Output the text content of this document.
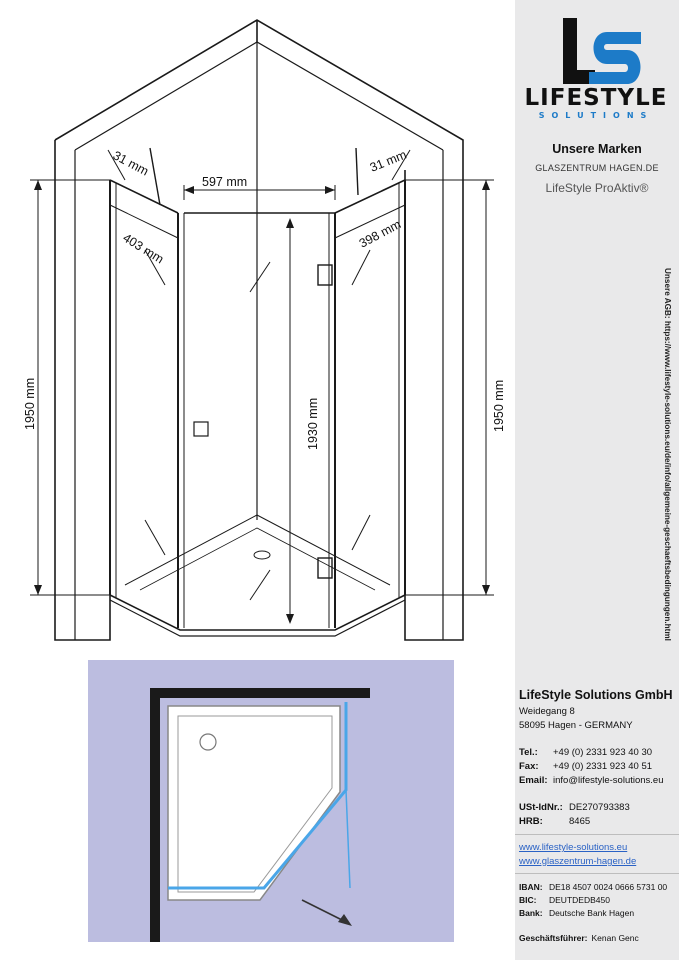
597 mm
31 mm	31 mm
403 mm	398 mm
1950 mm	1930 mm	1950 mm
LIFESTYLE
SOLUTIONS
Unsere Marken
GLASZENTRUM HAGEN.DE
LifeStyle ProAktiv®
Unsere AGB: https://www.lifestyle-solutions.eu/de/info/allgemeine-geschaeftsbedingungen.html
LifeStyle Solutions GmbH
Weidegang 8
58095 Hagen - GERMANY
Tel.: +49 (0) 2331 923 40 30
Fax: +49 (0) 2331 923 40 51
Email: info@lifestyle-solutions.eu
USt-IdNr.: DE270793383
HRB:	8465
www.lifestyle-solutions.eu
www.glaszentrum-hagen.de
IBAN: DE18 4507 0024 0666 5731 00
BIC: DEUTDEDB450
Bank: Deutsche Bank Hagen
Geschäftsführer: Kenan Genc
